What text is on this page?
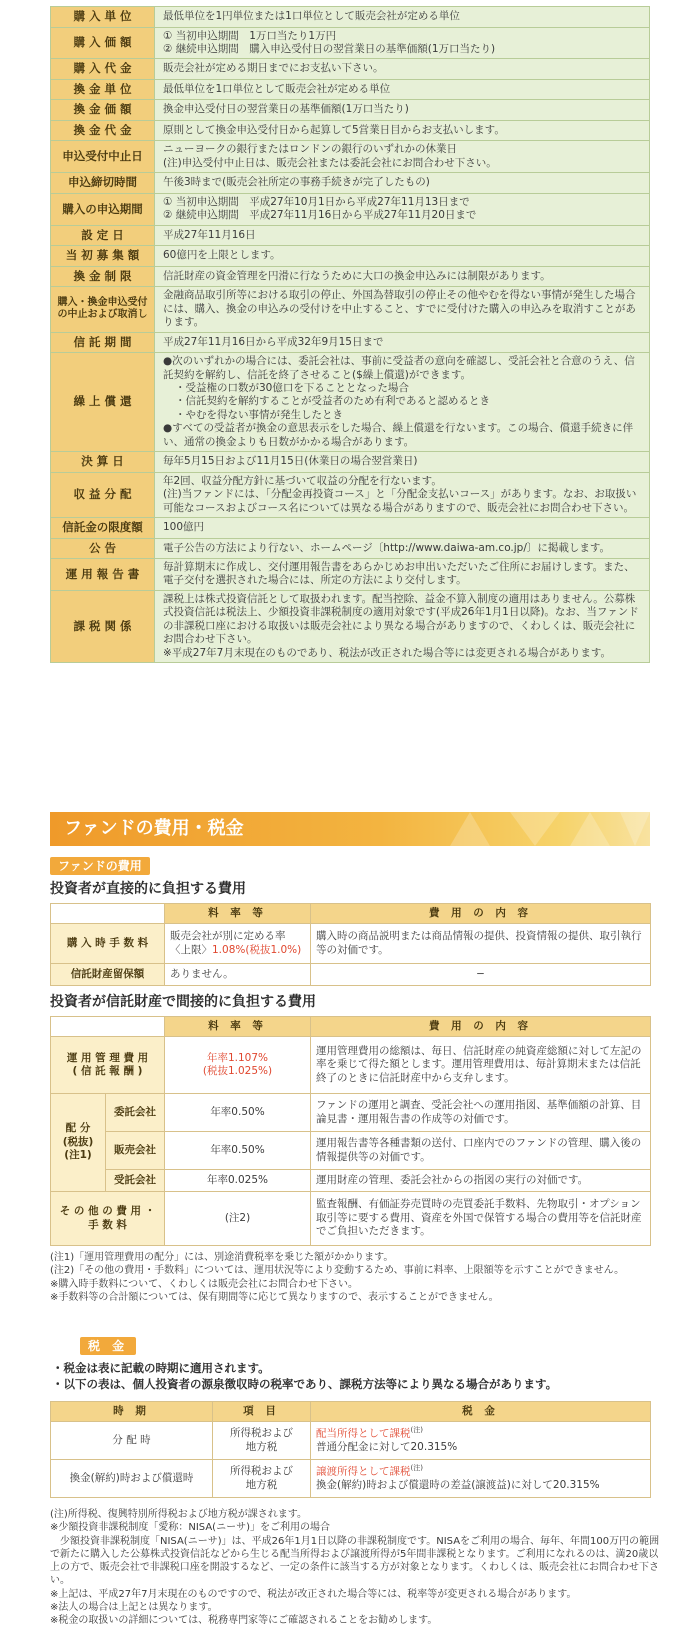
購 入 単 位	最低単位を1円単位または1口単位として販売会社が定める単位

購 入 価 額	① 当初申込期間　1万口当たり1万円
② 継続申込期間　購入申込受付日の翌営業日の基準価額(1万口当たり)

購 入 代 金	販売会社が定める期日までにお支払い下さい。

換 金 単 位	最低単位を1口単位として販売会社が定める単位

換 金 価 額	換金申込受付日の翌営業日の基準価額(1万口当たり)

換 金 代 金	原則として換金申込受付日から起算して5営業日目からお支払いします。

申込受付中止日	ニューヨークの銀行またはロンドンの銀行のいずれかの休業日
(注)申込受付中止日は、販売会社または委託会社にお問合わせ下さい。

申込締切時間	午後3時まで(販売会社所定の事務手続きが完了したもの)

購入の申込期間	① 当初申込期間　平成27年10月1日から平成27年11月13日まで
② 継続申込期間　平成27年11月16日から平成27年11月20日まで

設 定 日	平成27年11月16日

当 初 募 集 額	60億円を上限とします。

換 金 制 限	信託財産の資金管理を円滑に行なうために大口の換金申込みには制限があります。

購入・換金申込受付の中止および取消し	金融商品取引所等における取引の停止、外国為替取引の停止その他やむを得ない事情が発生した場合には、購入、換金の申込みの受付けを中止すること、すでに受付けた購入の申込みを取消すことがあります。

信 託 期 間	平成27年11月16日から平成32年9月15日まで

繰 上 償 還	●次のいずれかの場合には、委託会社は、事前に受益者の意向を確認し、受託会社と合意のうえ、信託契約を解約し、信託を終了させること($繰上償還)ができます。
・受益権の口数が30億口を下ることとなった場合
・信託契約を解約することが受益者のため有利であると認めるとき
・やむを得ない事情が発生したとき
●すべての受益者が換金の意思表示をした場合、繰上償還を行ないます。この場合、償還手続きに伴い、通常の換金よりも日数がかかる場合があります。

決 算 日	毎年5月15日および11月15日(休業日の場合翌営業日)

収 益 分 配	年2回、収益分配方針に基づいて収益の分配を行ないます。
(注)当ファンドには、「分配金再投資コース」と「分配金支払いコース」があります。なお、お取扱い可能なコースおよびコース名については異なる場合がありますので、販売会社にお問合わせ下さい。

信託金の限度額	100億円

公 告	電子公告の方法により行ない、ホームページ〔http://www.daiwa-am.co.jp/〕に掲載します。

運 用 報 告 書	毎計算期末に作成し、交付運用報告書をあらかじめお申出いただいたご住所にお届けします。また、電子交付を選択された場合には、所定の方法により交付します。

課 税 関 係	課税上は株式投資信託として取扱われます。配当控除、益金不算入制度の適用はありません。公募株式投資信託は税法上、少額投資非課税制度の適用対象です(平成26年1月1日以降)。なお、当ファンドの非課税口座における取扱いは販売会社により異なる場合がありますので、くわしくは、販売会社にお問合わせ下さい。
※平成27年7月末現在のものであり、税法が改正された場合等には変更される場合があります。
ファンドの費用・税金
ファンドの費用
投資者が直接的に負担する費用
	料 率 等	費 用 の 内 容
購 入 時 手 数 料	販売会社が別に定める率
〈上限〉1.08%(税抜1.0%)	購入時の商品説明または商品情報の提供、投資情報の提供、取引執行等の対価です。
信託財産留保額	ありません。	−
投資者が信託財産で間接的に負担する費用
		料 率 等	費 用 の 内 容

運 用 管 理 費 用
( 信 託 報 酬 )		年率1.107%
(税抜1.025%)	運用管理費用の総額は、毎日、信託財産の純資産総額に対して左記の率を乗じて得た額とします。運用管理費用は、毎計算期末または信託終了のときに信託財産中から支弁します。

配 分
(税抜)
(注1)	委託会社	年率0.50%	ファンドの運用と調査、受託会社への運用指図、基準価額の計算、目論見書・運用報告書の作成等の対価です。
	販売会社	年率0.50%	運用報告書等各種書類の送付、口座内でのファンドの管理、購入後の情報提供等の対価です。
	受託会社	年率0.025%	運用財産の管理、委託会社からの指図の実行の対価です。

そ の 他 の 費 用 ・
手 数 料		(注2)	監査報酬、有価証券売買時の売買委託手数料、先物取引・オプション取引等に要する費用、資産を外国で保管する場合の費用等を信託財産でご負担いただきます。
(注1)「運用管理費用の配分」には、別途消費税率を乗じた額がかかります。
(注2)「その他の費用・手数料」については、運用状況等により変動するため、事前に料率、上限額等を示すことができません。
※購入時手数料について、くわしくは販売会社にお問合わせ下さい。
※手数料等の合計額については、保有期間等に応じて異なりますので、表示することができません。
税 金
・税金は表に記載の時期に適用されます。
・以下の表は、個人投資者の源泉徴収時の税率であり、課税方法等により異なる場合があります。
時 期	項 目	税 金
分 配 時	所得税および
地方税	配当所得として課税$^{(注)}$
普通分配金に対して20.315%

換金(解約)時および償還時	所得税および
地方税	譲渡所得として課税$^{(注)}$
換金(解約)時および償還時の差益(譲渡益)に対して20.315%
(注)所得税、復興特別所得税および地方税が課されます。
※少額投資非課税制度「愛称：NISA(ニーサ)」をご利用の場合
　少額投資非課税制度「NISA(ニーサ)」は、平成26年1月1日以降の非課税制度です。NISAをご利用の場合、毎年、年間100万円の範囲で新たに購入した公募株式投資信託などから生じる配当所得および譲渡所得が5年間非課税となります。ご利用になれるのは、満20歳以上の方で、販売会社で非課税口座を開設するなど、一定の条件に該当する方が対象となります。くわしくは、販売会社にお問合わせ下さい。
※上記は、平成27年7月末現在のものですので、税法が改正された場合等には、税率等が変更される場合があります。
※法人の場合は上記とは異なります。
※税金の取扱いの詳細については、税務専門家等にご確認されることをお勧めします。
